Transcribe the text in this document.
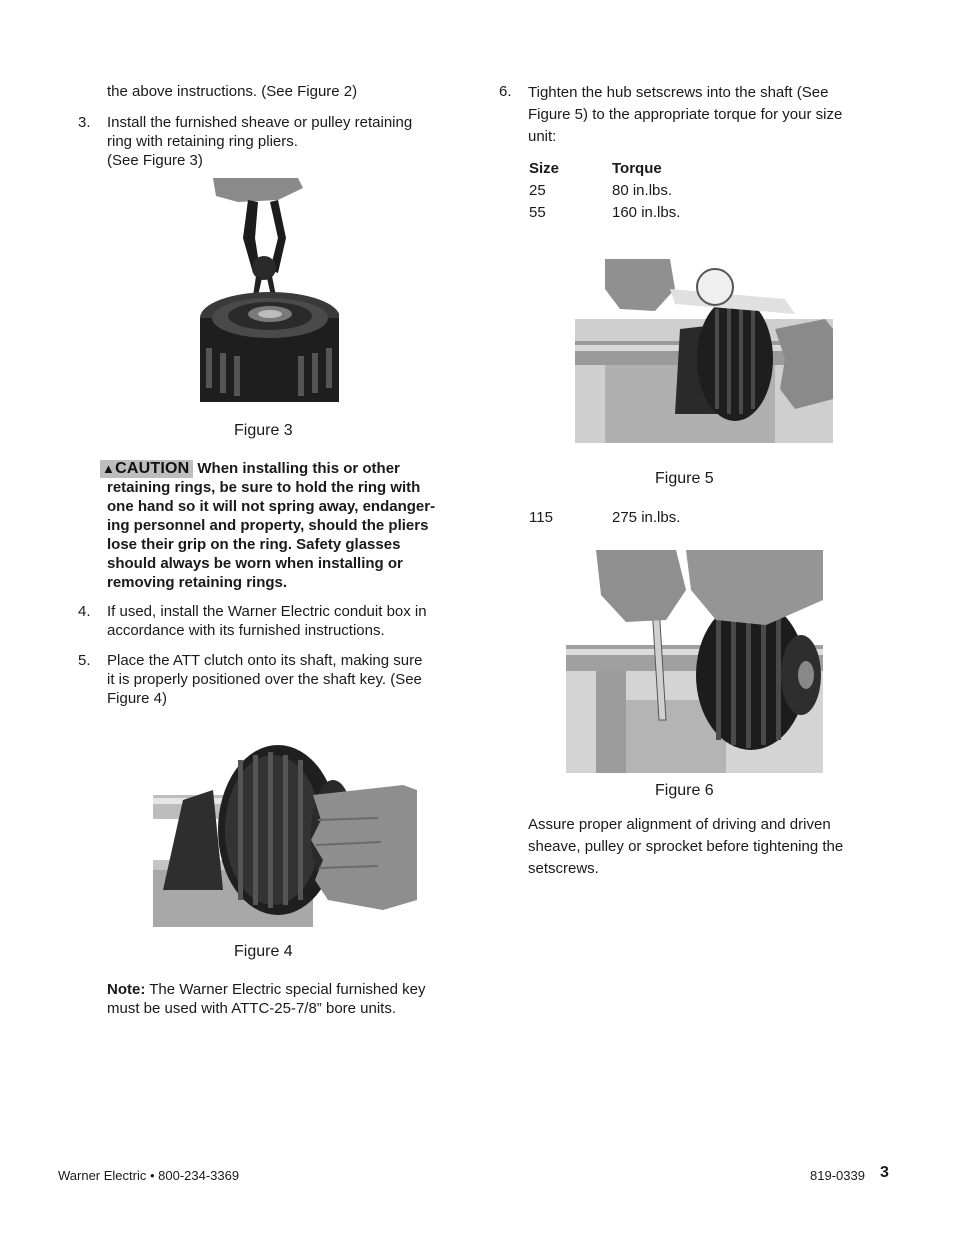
the above instructions. (See Figure 2)

3. Install the furnished sheave or pulley retaining
ring with retaining ring pliers.
(See Figure 3)
Figure 3
▲CAUTION When installing this or other
retaining rings, be sure to hold the ring with
one hand so it will not spring away, endanger-
ing personnel and property, should the pliers
lose their grip on the ring. Safety glasses
should always be worn when installing or
removing retaining rings.
4. If used, install the Warner Electric conduit box in
accordance with its furnished instructions.
5. Place the ATT clutch onto its shaft, making sure
it is properly positioned over the shaft key. (See
Figure 4)
Figure 4
Note: The Warner Electric special furnished key
must be used with ATTC-25-7/8” bore units.
6. Tighten the hub setscrews into the shaft (See
Figure 5) to the appropriate torque for your size
unit:
Size	Torque
25	80 in.lbs.
55	160 in.lbs.
Figure 5
115	275 in.lbs.
Figure 6
Assure proper alignment of driving and driven
sheave, pulley or sprocket before tightening the
setscrews.
Warner Electric • 800-234-3369	819-0339 3
